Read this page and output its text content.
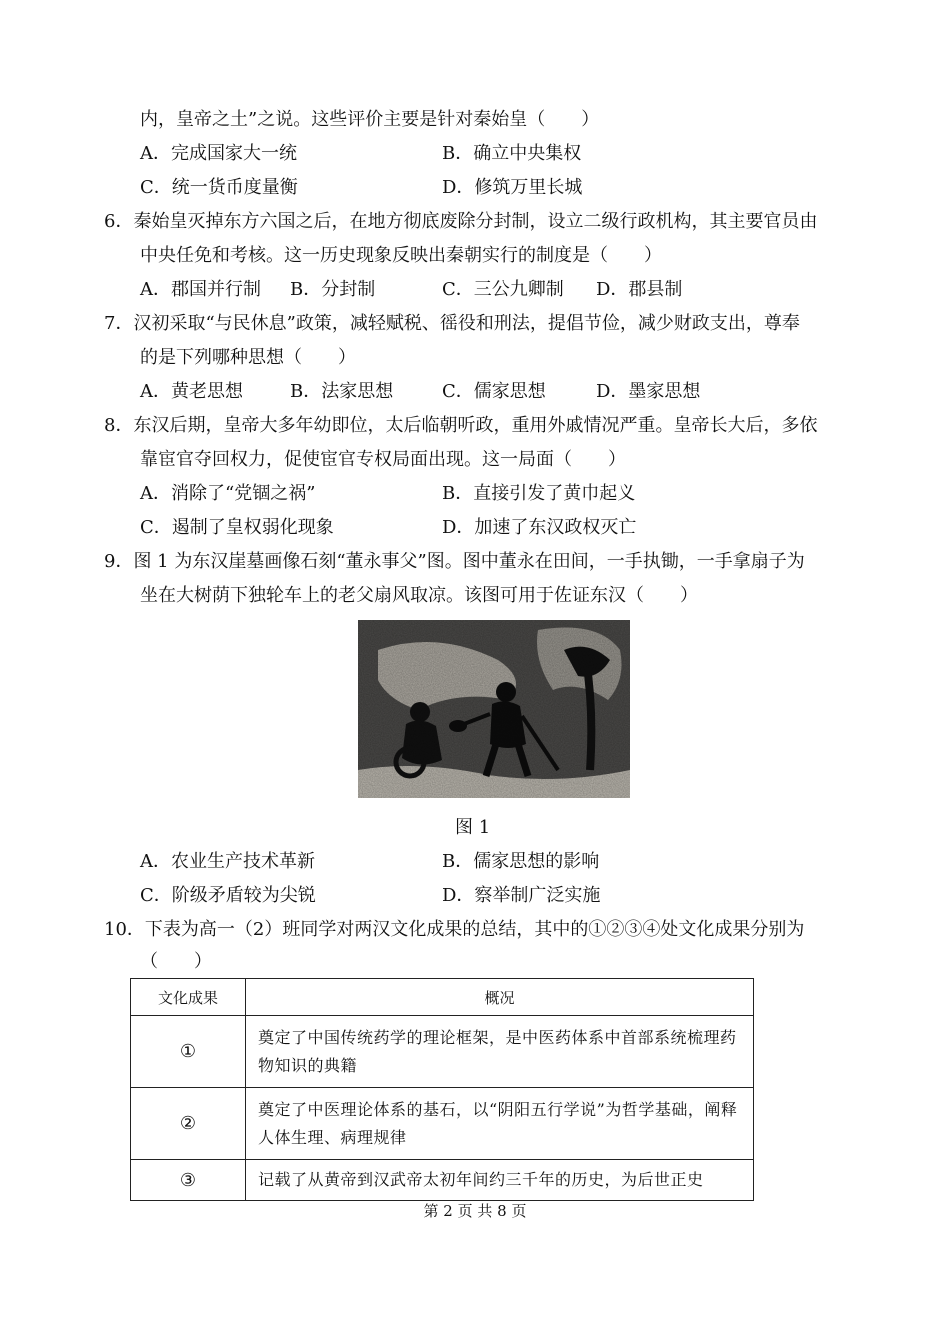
内，皇帝之土”之说。这些评价主要是针对秦始皇（　　）
A．完成国家大一统	B．确立中央集权
C．统一货币度量衡	D．修筑万里长城
6．秦始皇灭掉东方六国之后，在地方彻底废除分封制，设立二级行政机构，其主要官员由
中央任免和考核。这一历史现象反映出秦朝实行的制度是（　　）
A．郡国并行制 B．分封制	C．三公九卿制 D．郡县制
7．汉初采取“与民休息”政策，减轻赋税、徭役和刑法，提倡节俭，减少财政支出，尊奉
的是下列哪种思想（　　）
A．黄老思想	B．法家思想	C．儒家思想	D．墨家思想
8．东汉后期，皇帝大多年幼即位，太后临朝听政，重用外戚情况严重。皇帝长大后，多依
靠宦官夺回权力，促使宦官专权局面出现。这一局面（　　）
A．消除了“党锢之祸”	B．直接引发了黄巾起义
C．遏制了皇权弱化现象	D．加速了东汉政权灭亡
9．图 1 为东汉崖墓画像石刻“董永事父”图。图中董永在田间，一手执锄，一手拿扇子为
坐在大树荫下独轮车上的老父扇风取凉。该图可用于佐证东汉（　　）
图 1
A．农业生产技术革新	B．儒家思想的影响
C．阶级矛盾较为尖锐	D．察举制广泛实施
10．下表为高一（2）班同学对两汉文化成果的总结，其中的①②③④处文化成果分别为
（　　）
文化成果	概况
①	奠定了中国传统药学的理论框架，是中医药体系中首部系统梳理药物知识的典籍
②	奠定了中医理论体系的基石，以“阴阳五行学说”为哲学基础，阐释人体生理、病理规律
③	记载了从黄帝到汉武帝太初年间约三千年的历史，为后世正史
第 2 页 共 8 页
